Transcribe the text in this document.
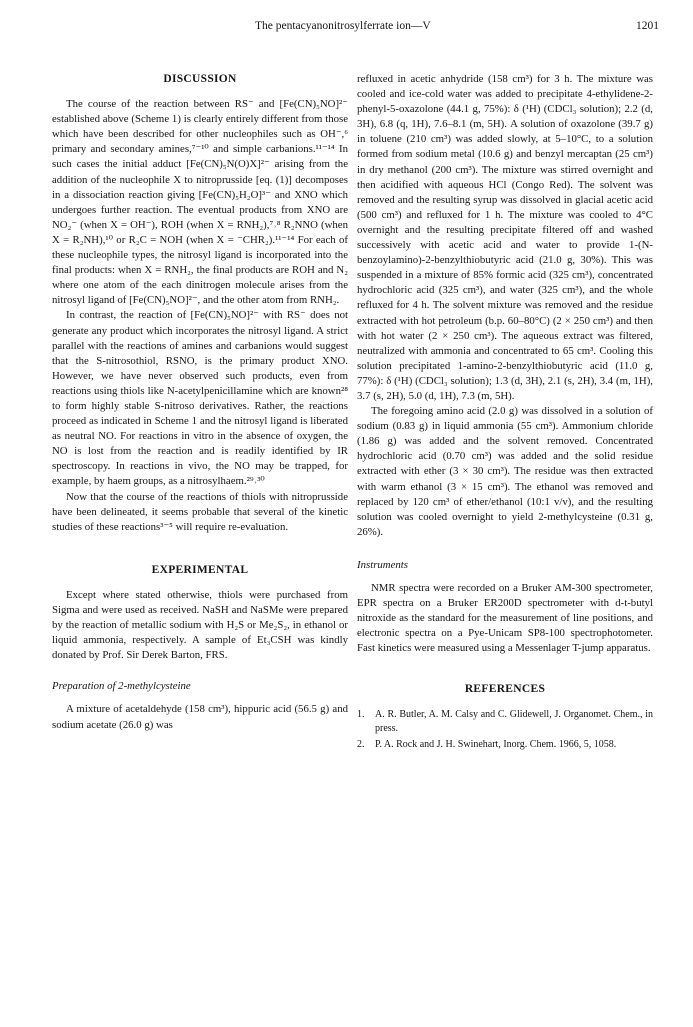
The pentacyanonitrosylferrate ion—V	1201
DISCUSSION

The course of the reaction between RS⁻ and [Fe(CN)₅NO]²⁻ established above (Scheme 1) is clearly entirely different from those which have been described for other nucleophiles such as OH⁻,⁶ primary and secondary amines,⁷⁻¹⁰ and simple carbanions.¹¹⁻¹⁴ In such cases the initial adduct [Fe(CN)₅N(O)X]²⁻ arising from the addition of the nucleophile X to nitroprusside [eq. (1)] decomposes in a dissociation reaction giving [Fe(CN)₅H₂O]³⁻ and XNO which undergoes further reaction. The eventual products from XNO are NO₂⁻ (when X = OH⁻), ROH (when X = RNH₂),⁷˒⁸ R₂NNO (when X = R₂NH),¹⁰ or R₂C = NOH (when X = ⁻CHR₂).¹¹⁻¹⁴ For each of these nucleophile types, the nitrosyl ligand is incorporated into the final products: when X = RNH₂, the final products are ROH and N₂ where one atom of the each dinitrogen molecule arises from the nitrosyl ligand of [Fe(CN)₅NO]²⁻, and the other atom from RNH₂.

In contrast, the reaction of [Fe(CN)₅NO]²⁻ with RS⁻ does not generate any product which incorporates the nitrosyl ligand. A strict parallel with the reactions of amines and carbanions would suggest that the S-nitrosothiol, RSNO, is the primary product XNO. However, we have never observed such products, even from reactions using thiols like N-acetylpenicillamine which are known²⁸ to form highly stable S-nitroso derivatives. Rather, the reactions proceed as indicated in Scheme 1 and the nitrosyl ligand is liberated as neutral NO. For reactions in vitro in the absence of oxygen, the NO is lost from the reaction and is readily identified by IR spectroscopy. In reactions in vivo, the NO may be trapped, for example, by haem groups, as a nitrosylhaem.²⁹˒³⁰

Now that the course of the reactions of thiols with nitroprusside have been delineated, it seems probable that several of the kinetic studies of these reactions³⁻⁵ will require re-evaluation.

EXPERIMENTAL

Except where stated otherwise, thiols were purchased from Sigma and were used as received. NaSH and NaSMe were prepared by the reaction of metallic sodium with H₂S or Me₂S₂, in ethanol or liquid ammonia, respectively. A sample of Et₃CSH was kindly donated by Prof. Sir Derek Barton, FRS.

Preparation of 2-methylcysteine

A mixture of acetaldehyde (158 cm³), hippuric acid (56.5 g) and sodium acetate (26.0 g) was

refluxed in acetic anhydride (158 cm³) for 3 h. The mixture was cooled and ice-cold water was added to precipitate 4-ethylidene-2-phenyl-5-oxazolone (44.1 g, 75%): δ (¹H) (CDCl₃ solution); 2.2 (d, 3H), 6.8 (q, 1H), 7.6–8.1 (m, 5H). A solution of oxazolone (39.7 g) in toluene (210 cm³) was added slowly, at 5–10°C, to a solution formed from sodium metal (10.6 g) and benzyl mercaptan (25 cm³) in dry methanol (200 cm³). The mixture was stirred overnight and then acidified with aqueous HCl (Congo Red). The solvent was removed and the resulting syrup was dissolved in glacial acetic acid (500 cm³) and refluxed for 1 h. The mixture was cooled to 4°C overnight and the resulting precipitate filtered off and washed successively with acetic acid and water to provide 1-(N-benzoylamino)-2-benzylthiobutyric acid (21.0 g, 30%). This was suspended in a mixture of 85% formic acid (325 cm³), concentrated hydrochloric acid (325 cm³), and water (325 cm³), and the whole refluxed for 4 h. The solvent mixture was removed and the residue extracted with hot petroleum (b.p. 60–80°C) (2 × 250 cm³) and then with hot water (2 × 250 cm³). The aqueous extract was filtered, neutralized with ammonia and concentrated to 65 cm³. Cooling this solution precipitated 1-amino-2-benzylthiobutyric acid (11.0 g, 77%): δ (¹H) (CDCl₃ solution); 1.3 (d, 3H), 2.1 (s, 2H), 3.4 (m, 1H), 3.7 (s, 2H), 5.0 (d, 1H), 7.3 (m, 5H).

The foregoing amino acid (2.0 g) was dissolved in a solution of sodium (0.83 g) in liquid ammonia (55 cm³). Ammonium chloride (1.86 g) was added and the solvent removed. Concentrated hydrochloric acid (0.70 cm³) was added and the solid residue extracted with ether (3 × 30 cm³). The residue was then extracted with warm ethanol (3 × 15 cm³). The ethanol was removed and replaced by 120 cm³ of ether/ethanol (10:1 v/v), and the resulting solution was cooled overnight to yield 2-methylcysteine (0.31 g, 26%).

Instruments

NMR spectra were recorded on a Bruker AM-300 spectrometer, EPR spectra on a Bruker ER200D spectrometer with d-t-butyl nitroxide as the standard for the measurement of line positions, and electronic spectra on a Pye-Unicam SP8-100 spectrophotometer. Fast kinetics were measured using a Messenlager T-jump apparatus.

REFERENCES
1. A. R. Butler, A. M. Calsy and C. Glidewell, J. Organomet. Chem., in press.
2. P. A. Rock and J. H. Swinehart, Inorg. Chem. 1966, 5, 1058.
